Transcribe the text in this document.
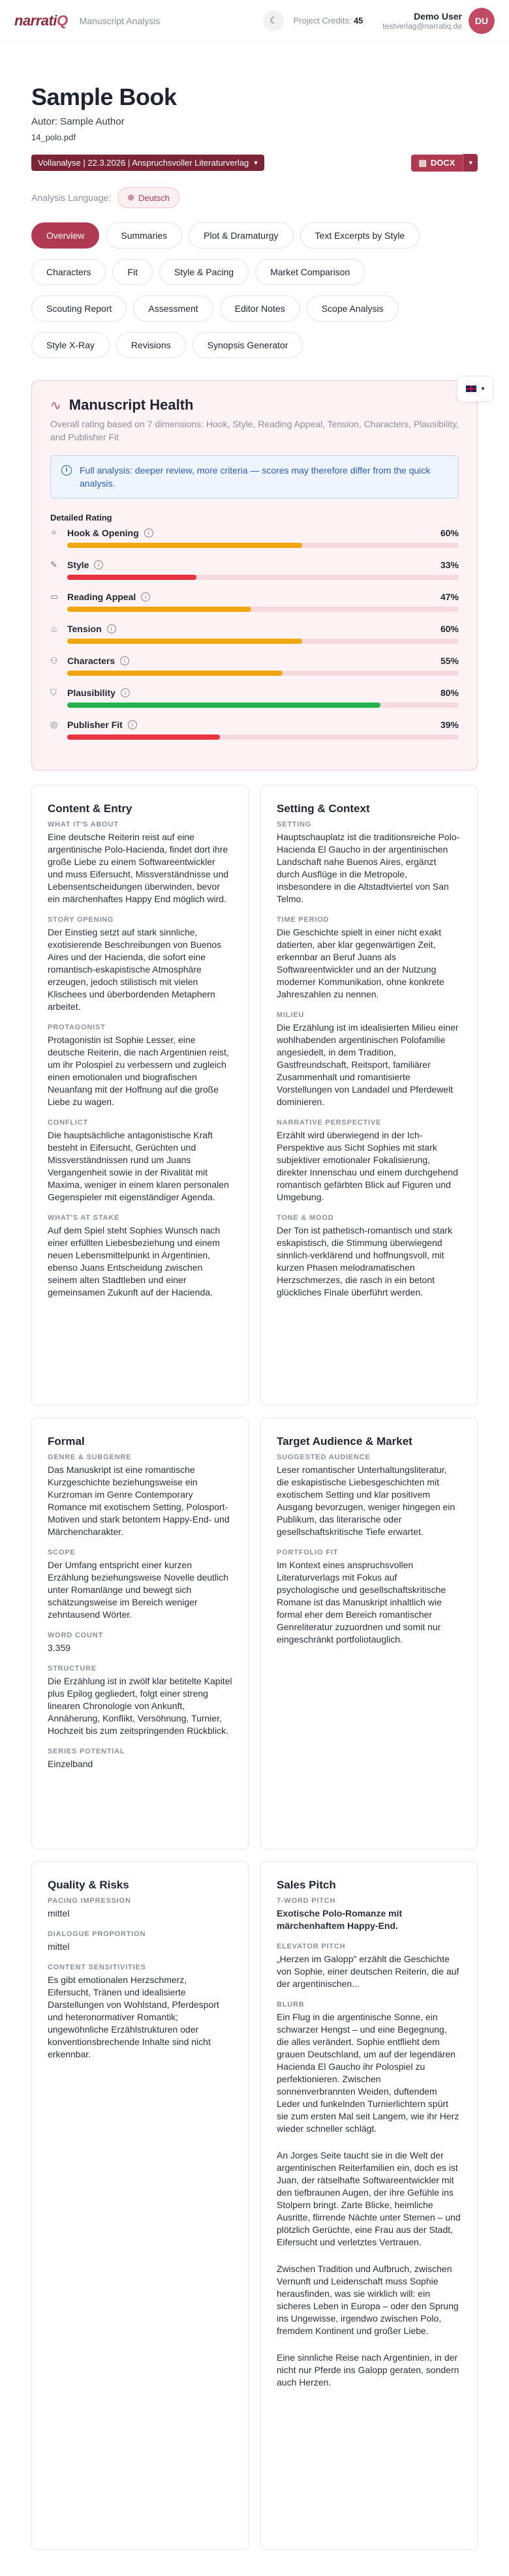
narratiQ Manuscript Analysis	☾ Project Credits: 45	Demo User
testverlag@narratiq.de	DU
Sample Book
Autor: Sample Author
14_polo.pdf
Vollanalyse | 22.3.2026 | Anspruchsvoller Literaturverlag ▾	▤ DOCX	▾
Analysis Language: ⊕ Deutsch
Overview	Summaries	Plot & Dramaturgy	Text Excerpts by Style
Characters	Fit	Style & Pacing	Market Comparison
Scouting Report	Assessment	Editor Notes	Scope Analysis
Style X-Ray	Revisions	Synopsis Generator
▾
∿ Manuscript Health
Overall rating based on 7 dimensions: Hook, Style, Reading Appeal, Tension, Characters, Plausibility, and Publisher Fit
i	Full analysis: deeper review, more criteria — scores may therefore differ from the quick analysis.
Detailed Rating
✧	Hook & Opening	i	60%
✎	Style	i	33%
▭ Reading Appeal	i	47%
♨	Tension	i	60%
⚇	Characters	i	55%
⛉	Plausibility	i	80%
◎	Publisher Fit	i	39%
Content & Entry
WHAT IT'S ABOUT
Eine deutsche Reiterin reist auf eine argentinische Polo-Hacienda, findet dort ihre große Liebe zu einem Softwareentwickler und muss Eifersucht, Missverständnisse und Lebensentscheidungen überwinden, bevor ein märchenhaftes Happy End möglich wird.
STORY OPENING
Der Einstieg setzt auf stark sinnliche, exotisierende Beschreibungen von Buenos Aires und der Hacienda, die sofort eine romantisch-eskapistische Atmosphäre erzeugen, jedoch stilistisch mit vielen Klischees und überbordenden Metaphern arbeitet.
PROTAGONIST
Protagonistin ist Sophie Lesser, eine deutsche Reiterin, die nach Argentinien reist, um ihr Polospiel zu verbessern und zugleich einen emotionalen und biografischen Neuanfang mit der Hoffnung auf die große Liebe zu wagen.
CONFLICT
Die hauptsächliche antagonistische Kraft besteht in Eifersucht, Gerüchten und Missverständnissen rund um Juans Vergangenheit sowie in der Rivalität mit Maxima, weniger in einem klaren personalen Gegenspieler mit eigenständiger Agenda.
WHAT'S AT STAKE
Auf dem Spiel steht Sophies Wunsch nach einer erfüllten Liebesbeziehung und einem neuen Lebensmittelpunkt in Argentinien, ebenso Juans Entscheidung zwischen seinem alten Stadtleben und einer gemeinsamen Zukunft auf der Hacienda.
Setting & Context
SETTING
Hauptschauplatz ist die traditionsreiche Polo-Hacienda El Gaucho in der argentinischen Landschaft nahe Buenos Aires, ergänzt durch Ausflüge in die Metropole, insbesondere in die Altstadtviertel von San Telmo.
TIME PERIOD
Die Geschichte spielt in einer nicht exakt datierten, aber klar gegenwärtigen Zeit, erkennbar an Beruf Juans als Softwareentwickler und an der Nutzung moderner Kommunikation, ohne konkrete Jahreszahlen zu nennen.
MILIEU
Die Erzählung ist im idealisierten Milieu einer wohlhabenden argentinischen Polofamilie angesiedelt, in dem Tradition, Gastfreundschaft, Reitsport, familiärer Zusammenhalt und romantisierte Vorstellungen von Landadel und Pferdewelt dominieren.
NARRATIVE PERSPECTIVE
Erzählt wird überwiegend in der Ich-Perspektive aus Sicht Sophies mit stark subjektiver emotionaler Fokalisierung, direkter Innenschau und einem durchgehend romantisch gefärbten Blick auf Figuren und Umgebung.
TONE & MOOD
Der Ton ist pathetisch-romantisch und stark eskapistisch, die Stimmung überwiegend sinnlich-verklärend und hoffnungsvoll, mit kurzen Phasen melodramatischen Herzschmerzes, die rasch in ein betont glückliches Finale überführt werden.
Formal
GENRE & SUBGENRE
Das Manuskript ist eine romantische Kurzgeschichte beziehungsweise ein Kurzroman im Genre Contemporary Romance mit exotischem Setting, Polosport-Motiven und stark betontem Happy-End- und Märchencharakter.
SCOPE
Der Umfang entspricht einer kurzen Erzählung beziehungsweise Novelle deutlich unter Romanlänge und bewegt sich schätzungsweise im Bereich weniger zehntausend Wörter.
WORD COUNT
3.359
STRUCTURE
Die Erzählung ist in zwölf klar betitelte Kapitel plus Epilog gegliedert, folgt einer streng linearen Chronologie von Ankunft, Annäherung, Konflikt, Versöhnung, Turnier, Hochzeit bis zum zeitspringenden Rückblick.
SERIES POTENTIAL
Einzelband
Target Audience & Market
SUGGESTED AUDIENCE
Leser romantischer Unterhaltungsliteratur, die eskapistische Liebesgeschichten mit exotischem Setting und klar positivem Ausgang bevorzugen, weniger hingegen ein Publikum, das literarische oder gesellschaftskritische Tiefe erwartet.
PORTFOLIO FIT
Im Kontext eines anspruchsvollen Literaturverlags mit Fokus auf psychologische und gesellschaftskritische Romane ist das Manuskript inhaltlich wie formal eher dem Bereich romantischer Genreliteratur zuzuordnen und somit nur eingeschränkt portfoliotauglich.
Quality & Risks
PACING IMPRESSION
mittel
DIALOGUE PROPORTION
mittel
CONTENT SENSITIVITIES
Es gibt emotionalen Herzschmerz, Eifersucht, Tränen und idealisierte Darstellungen von Wohlstand, Pferdesport und heteronormativer Romantik; ungewöhnliche Erzählstrukturen oder konventionsbrechende Inhalte sind nicht erkennbar.
Sales Pitch
7-WORD PITCH
Exotische Polo-Romanze mit märchenhaftem Happy-End.
ELEVATOR PITCH
„Herzen im Galopp" erzählt die Geschichte von Sophie, einer deutschen Reiterin, die auf der argentinischen...
BLURB

Ein Flug in die argentinische Sonne, ein schwarzer Hengst – und eine Begegnung, die alles verändert. Sophie entflieht dem grauen Deutschland, um auf der legendären Hacienda El Gaucho ihr Polospiel zu perfektionieren. Zwischen sonnenverbrannten Weiden, duftendem Leder und funkelnden Turnierlichtern spürt sie zum ersten Mal seit Langem, wie ihr Herz wieder schneller schlägt.

An Jorges Seite taucht sie in die Welt der argentinischen Reiterfamilien ein, doch es ist Juan, der rätselhafte Softwareentwickler mit den tiefbraunen Augen, der ihre Gefühle ins Stolpern bringt. Zarte Blicke, heimliche Ausritte, flirrende Nächte unter Sternen – und plötzlich Gerüchte, eine Frau aus der Stadt, Eifersucht und verletztes Vertrauen.

Zwischen Tradition und Aufbruch, zwischen Vernunft und Leidenschaft muss Sophie herausfinden, was sie wirklich will: ein sicheres Leben in Europa – oder den Sprung ins Ungewisse, irgendwo zwischen Polo, fremdem Kontinent und großer Liebe.

Eine sinnliche Reise nach Argentinien, in der nicht nur Pferde ins Galopp geraten, sondern auch Herzen.
